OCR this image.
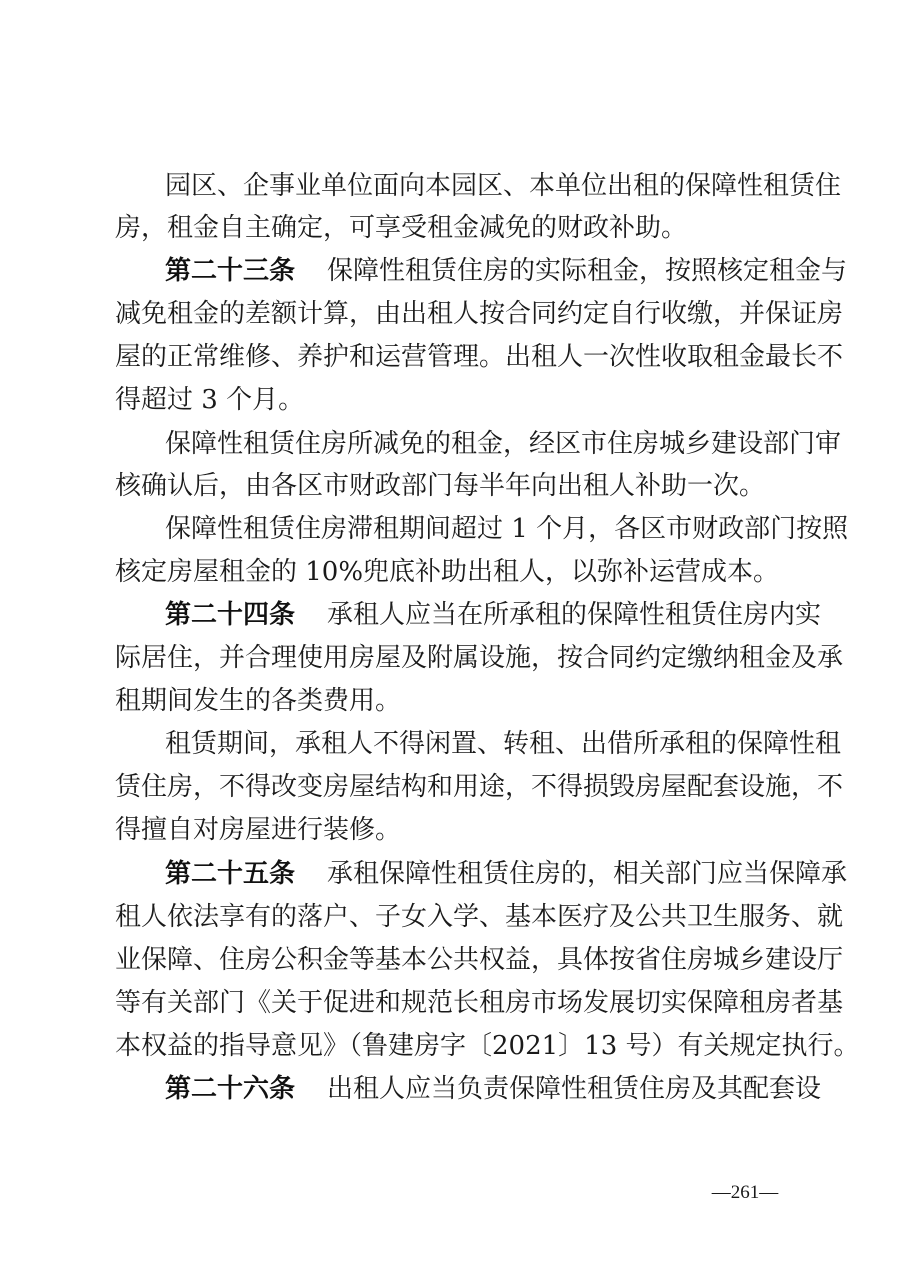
园区、企事业单位面向本园区、本单位出租的保障性租赁住
房，租金自主确定，可享受租金减免的财政补助。
第二十三条 保障性租赁住房的实际租金，按照核定租金与
减免租金的差额计算，由出租人按合同约定自行收缴，并保证房
屋的正常维修、养护和运营管理。出租人一次性收取租金最长不
得超过 3 个月。
保障性租赁住房所减免的租金，经区市住房城乡建设部门审
核确认后，由各区市财政部门每半年向出租人补助一次。
保障性租赁住房滞租期间超过 1 个月，各区市财政部门按照
核定房屋租金的 10%兜底补助出租人，以弥补运营成本。
第二十四条 承租人应当在所承租的保障性租赁住房内实
际居住，并合理使用房屋及附属设施，按合同约定缴纳租金及承
租期间发生的各类费用。
租赁期间，承租人不得闲置、转租、出借所承租的保障性租
赁住房，不得改变房屋结构和用途，不得损毁房屋配套设施，不
得擅自对房屋进行装修。
第二十五条 承租保障性租赁住房的，相关部门应当保障承
租人依法享有的落户、子女入学、基本医疗及公共卫生服务、就
业保障、住房公积金等基本公共权益，具体按省住房城乡建设厅
等有关部门《关于促进和规范长租房市场发展切实保障租房者基
本权益的指导意见》（鲁建房字〔2021〕13 号）有关规定执行。
第二十六条 出租人应当负责保障性租赁住房及其配套设
—261—
